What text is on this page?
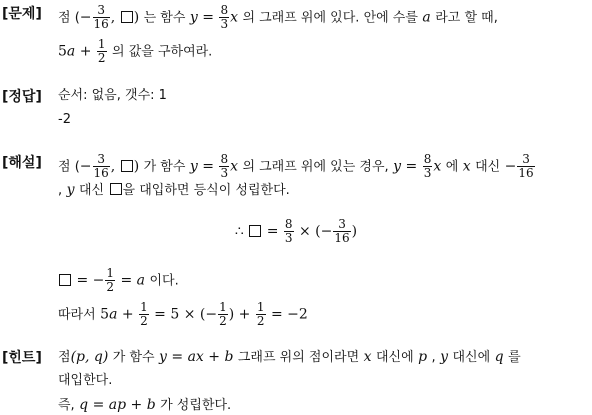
[문제] 점 (− $\frac{3}{16}$ , ) 는 함수 $y = \frac{8}{3}$ x 의 그래프 위에 있다. 안에 수를 a 라고 할 때,
$5a + \frac{1}{2}$ 의 값을 구하여라.
[정답] 순서: 없음, 갯수: 1
-2
[해설] 점 (− $\frac{3}{16}$ , ) 가 함수 $y = \frac{8}{3}$ x 의 그래프 위에 있는 경우, $y = \frac{8}{3}$ x 에 x 대신 − $\frac{3}{16}$
, y 대신 을 대입하면 등식이 성립한다.
∴ = $\frac{8}{3}$ × (− $\frac{3}{16}$ )
= − $\frac{1}{2} = a$ 이다.
따라서 $5a + \frac{1}{2} = 5$ × (− $\frac{1}{2}$ ) + $\frac{1}{2} = -2$
[힌트] 점(p, q) 가 함수 y = ax + b 그래프 위의 점이라면 x 대신에 p , y 대신에 q 를
대입한다.
즉, q = ap + b 가 성립한다.
